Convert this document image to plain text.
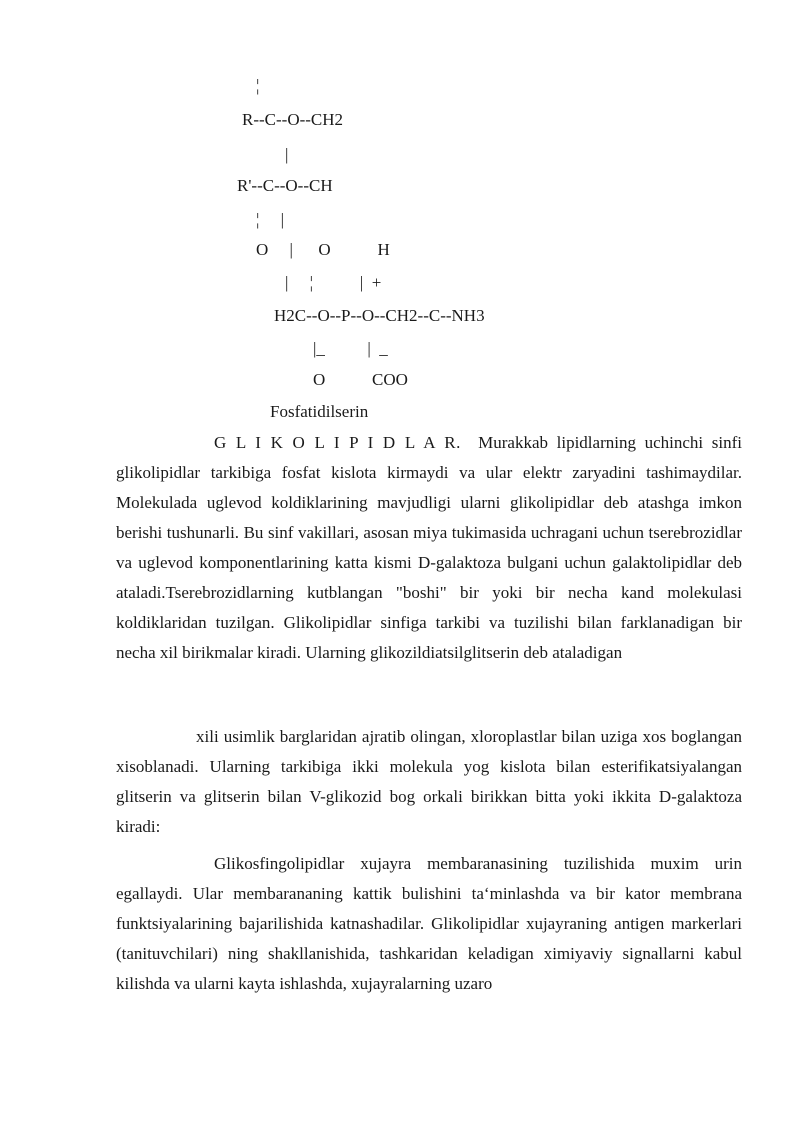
¦

R--C--O--CH2

|

R'--C--O--CH

¦     |

O     |      O           H

|     ¦           |  +

H2C--O--P--O--CH2--C--NH3

|_          |  _

O           COO

Fosfatidilserin

G L I K O L I P I D L A R. Murakkab lipidlarning uchinchi sinfi glikolipidlar tarkibiga fosfat kislota kirmaydi va ular elektr zaryadini tashimaydilar. Molekulada uglevod koldiklarining mavjudligi ularni glikolipidlar deb atashga imkon berishi tushunarli. Bu sinf vakillari, asosan miya tukimasida uchragani uchun tserebrozidlar va uglevod komponentlarining katta kismi D-galaktoza bulgani uchun galaktolipidlar deb ataladi.Tserebrozidlarning kutblangan "boshi" bir yoki bir necha kand molekulasi koldiklaridan tuzilgan. Glikolipidlar sinfiga tarkibi va tuzilishi bilan farklanadigan bir necha xil birikmalar kiradi. Ularning glikozildiatsilglitserin deb ataladigan
xili usimlik barglaridan ajratib olingan, xloroplastlar bilan uziga xos boglangan xisoblanadi. Ularning tarkibiga ikki molekula yog kislota bilan esterifikatsiyalangan glitserin va glitserin bilan V-glikozid bog orkali birikkan bitta yoki ikkita D-galaktoza kiradi:
Glikosfingolipidlar xujayra membaranasining tuzilishida muxim urin egallaydi. Ular membarananing kattik bulishini ta‘minlashda va bir kator membrana funktsiyalarining bajarilishida katnashadilar. Glikolipidlar xujayraning antigen markerlari (tanituvchilari) ning shakllanishida, tashkaridan keladigan ximiyaviy signallarni kabul kilishda va ularni kayta ishlashda, xujayralarning uzaro
